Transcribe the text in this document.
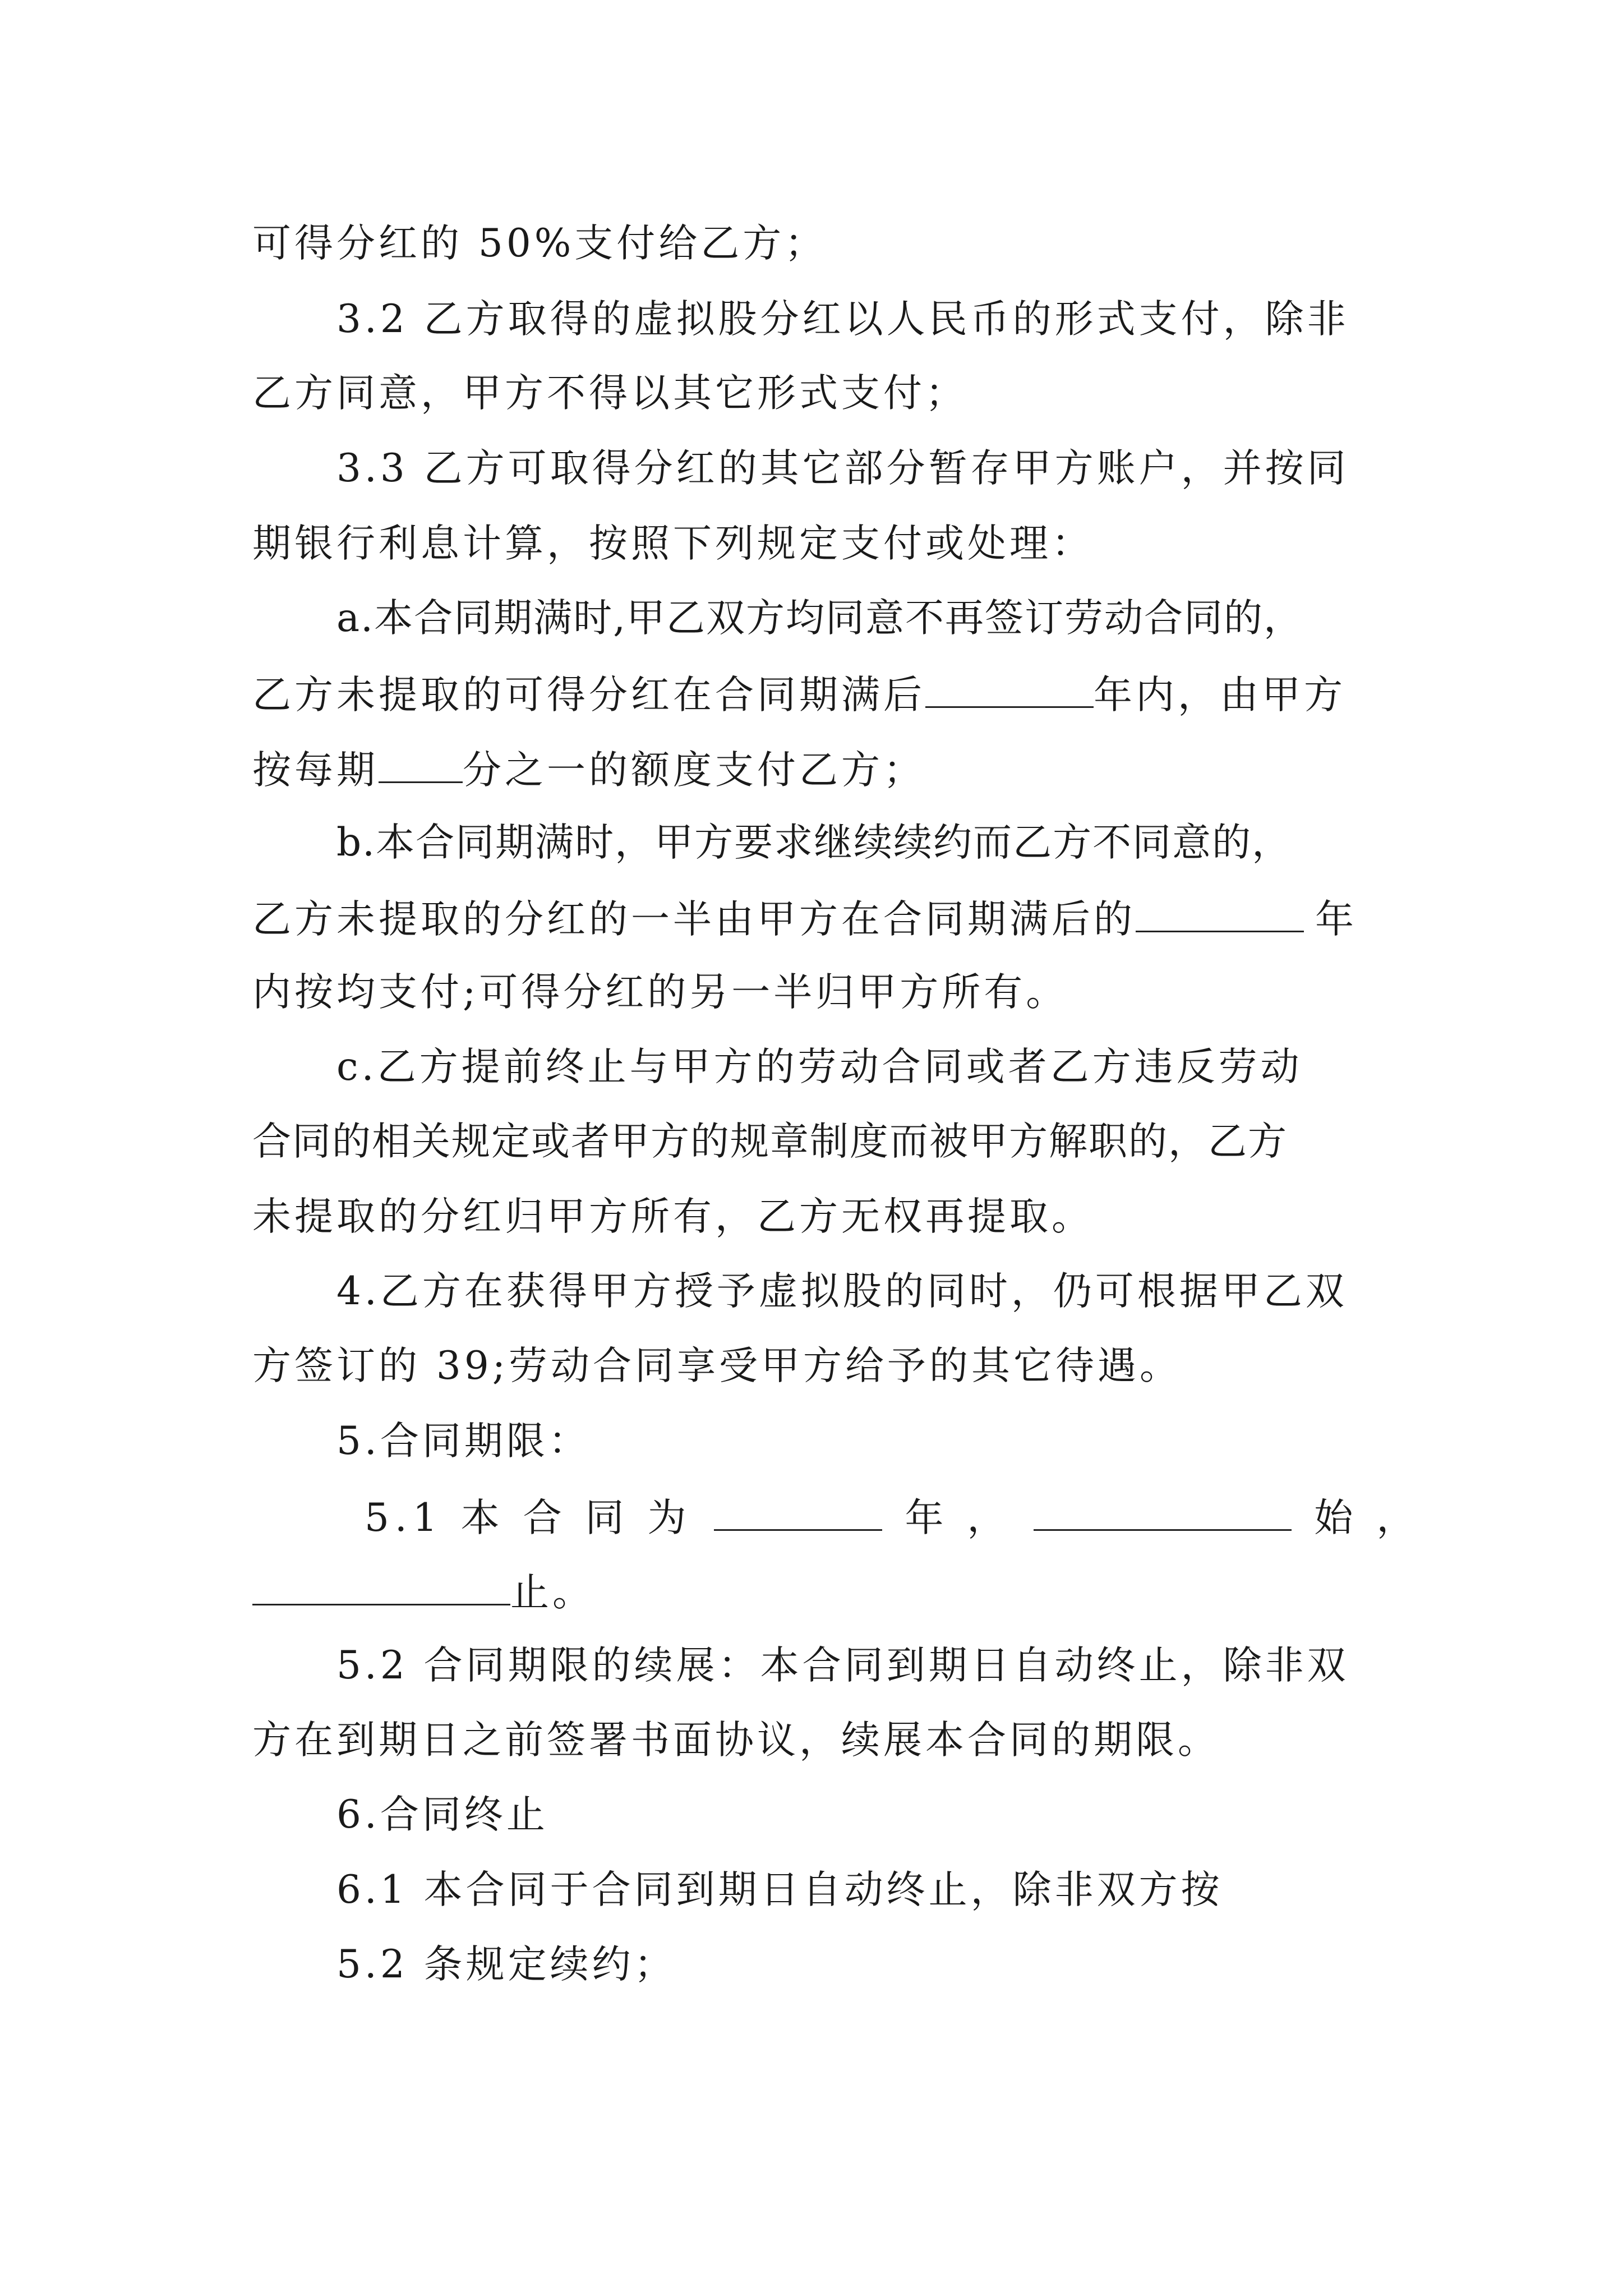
可得分红的 50%支付给乙方；
3.2 乙方取得的虚拟股分红以人民币的形式支付，除非
乙方同意，甲方不得以其它形式支付；
3.3 乙方可取得分红的其它部分暂存甲方账户，并按同
期银行利息计算，按照下列规定支付或处理：
a.本合同期满时,甲乙双方均同意不再签订劳动合同的，
乙方未提取的可得分红在合同期满后	年内，由甲方
按每期 分之一的额度支付乙方；
b.本合同期满时，甲方要求继续续约而乙方不同意的，
乙方未提取的分红的一半由甲方在合同期满后的	年
内按均支付;可得分红的另一半归甲方所有。
c.乙方提前终止与甲方的劳动合同或者乙方违反劳动
合同的相关规定或者甲方的规章制度而被甲方解职的，乙方
未提取的分红归甲方所有，乙方无权再提取。
4.乙方在获得甲方授予虚拟股的同时，仍可根据甲乙双
方签订的 39;劳动合同享受甲方给予的其它待遇。
5.合同期限：
5.1 本 合 同 为	年 ，	始 ，
止。
5.2 合同期限的续展：本合同到期日自动终止，除非双
方在到期日之前签署书面协议，续展本合同的期限。
6.合同终止
6.1 本合同于合同到期日自动终止，除非双方按
5.2 条规定续约；
